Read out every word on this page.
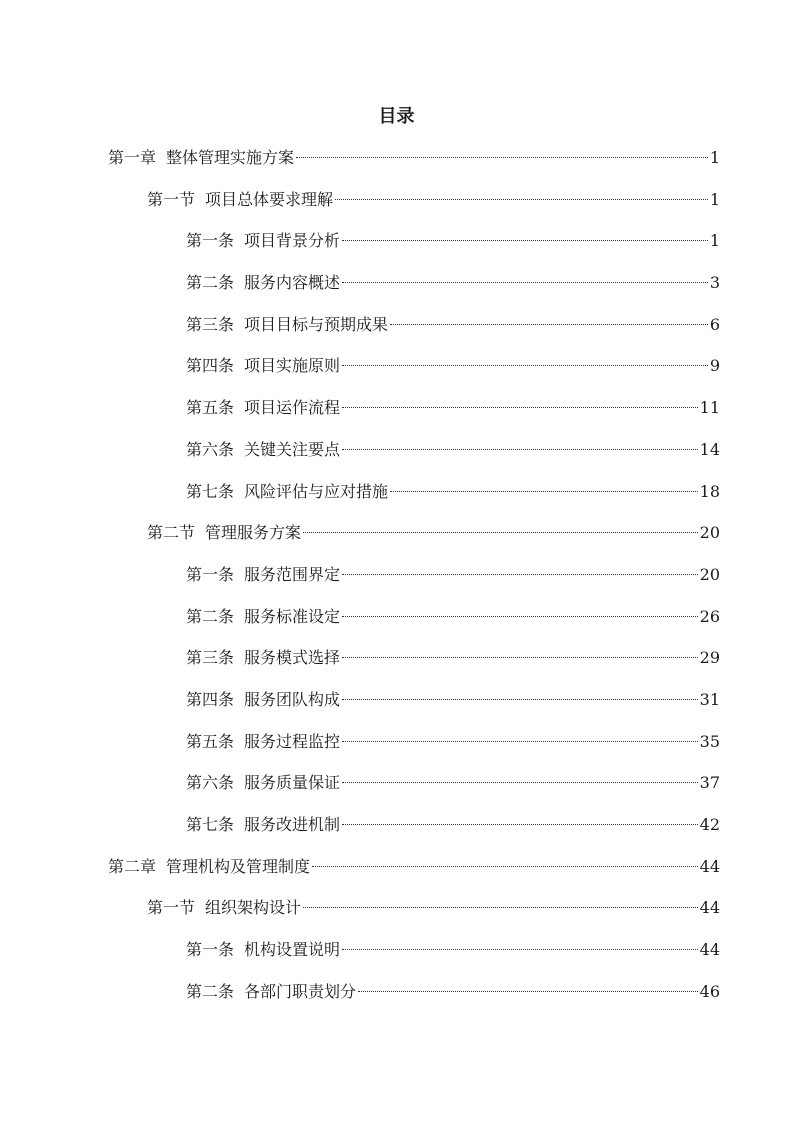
目录
第一章 整体管理实施方案	1
第一节 项目总体要求理解	1
第一条 项目背景分析	1
第二条 服务内容概述	3
第三条 项目目标与预期成果	6
第四条 项目实施原则	9
第五条 项目运作流程	11
第六条 关键关注要点	14
第七条 风险评估与应对措施	18
第二节 管理服务方案	20
第一条 服务范围界定	20
第二条 服务标准设定	26
第三条 服务模式选择	29
第四条 服务团队构成	31
第五条 服务过程监控	35
第六条 服务质量保证	37
第七条 服务改进机制	42
第二章 管理机构及管理制度	44
第一节 组织架构设计	44
第一条 机构设置说明	44
第二条 各部门职责划分	46
